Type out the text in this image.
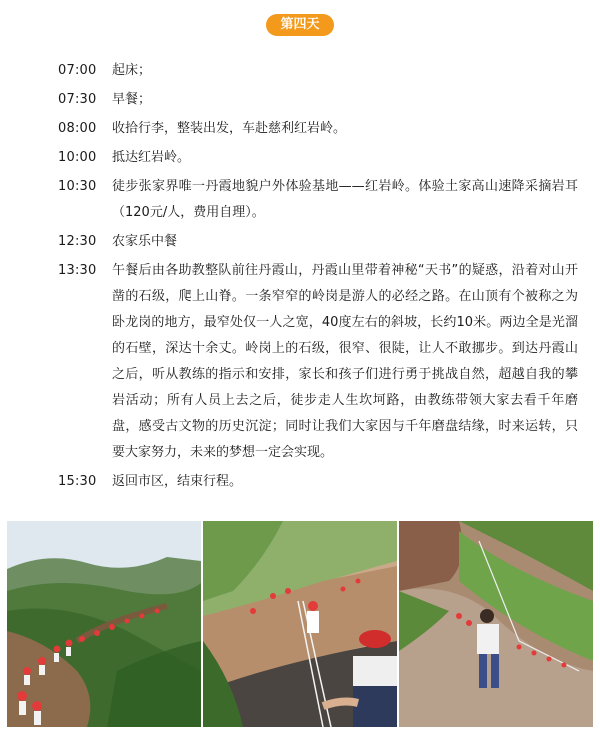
第四天
07:00	起床；
07:30	早餐；
08:00	收拾行李，整装出发，车赴慈利红岩岭。
10:00	抵达红岩岭。
10:30	徒步张家界唯一丹霞地貌户外体验基地——红岩岭。体验土家高山速降采摘岩耳（120元/人，费用自理）。
12:30	农家乐中餐
13:30	午餐后由各助教整队前往丹霞山，丹霞山里带着神秘“天书”的疑惑，沿着对山开凿的石级，爬上山脊。一条窄窄的岭岗是游人的必经之路。在山顶有个被称之为卧龙岗的地方，最窄处仅一人之宽，40度左右的斜坡，长约10米。两边全是光溜的石壁，深达十余丈。岭岗上的石级，很窄、很陡，让人不敢挪步。到达丹霞山之后，听从教练的指示和安排，家长和孩子们进行勇于挑战自然，超越自我的攀岩活动；所有人员上去之后，徒步走人生坎坷路，由教练带领大家去看千年磨盘，感受古文物的历史沉淀；同时让我们大家因与千年磨盘结缘，时来运转，只要大家努力，未来的梦想一定会实现。
15:30	返回市区，结束行程。
